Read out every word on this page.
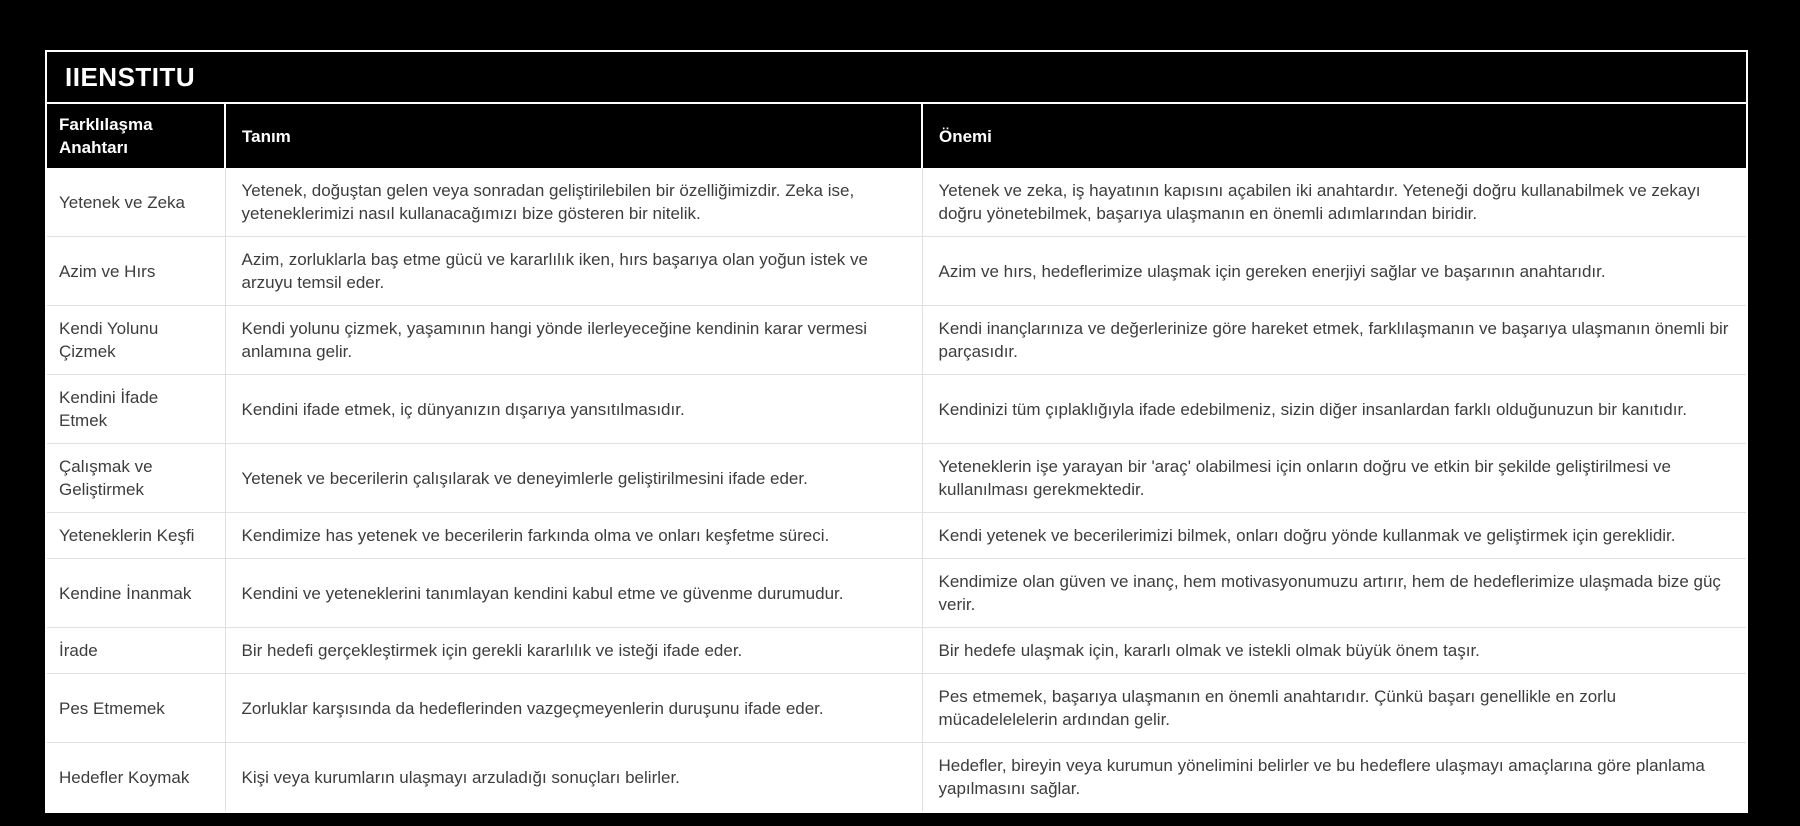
IIENSTITU
Farklılaşma Anahtarı	Tanım	Önemi
Yetenek ve Zeka	Yetenek, doğuştan gelen veya sonradan geliştirilebilen bir özelliğimizdir. Zeka ise, yeteneklerimizi nasıl kullanacağımızı bize gösteren bir nitelik.	Yetenek ve zeka, iş hayatının kapısını açabilen iki anahtardır. Yeteneği doğru kullanabilmek ve zekayı doğru yönetebilmek, başarıya ulaşmanın en önemli adımlarından biridir.
Azim ve Hırs	Azim, zorluklarla baş etme gücü ve kararlılık iken, hırs başarıya olan yoğun istek ve arzuyu temsil eder.	Azim ve hırs, hedeflerimize ulaşmak için gereken enerjiyi sağlar ve başarının anahtarıdır.
Kendi Yolunu Çizmek	Kendi yolunu çizmek, yaşamının hangi yönde ilerleyeceğine kendinin karar vermesi anlamına gelir.	Kendi inançlarınıza ve değerlerinize göre hareket etmek, farklılaşmanın ve başarıya ulaşmanın önemli bir parçasıdır.
Kendini İfade Etmek	Kendini ifade etmek, iç dünyanızın dışarıya yansıtılmasıdır.	Kendinizi tüm çıplaklığıyla ifade edebilmeniz, sizin diğer insanlardan farklı olduğunuzun bir kanıtıdır.
Çalışmak ve Geliştirmek	Yetenek ve becerilerin çalışılarak ve deneyimlerle geliştirilmesini ifade eder.	Yeteneklerin işe yarayan bir 'araç' olabilmesi için onların doğru ve etkin bir şekilde geliştirilmesi ve kullanılması gerekmektedir.
Yeteneklerin Keşfi	Kendimize has yetenek ve becerilerin farkında olma ve onları keşfetme süreci.	Kendi yetenek ve becerilerimizi bilmek, onları doğru yönde kullanmak ve geliştirmek için gereklidir.
Kendine İnanmak	Kendini ve yeteneklerini tanımlayan kendini kabul etme ve güvenme durumudur.	Kendimize olan güven ve inanç, hem motivasyonumuzu artırır, hem de hedeflerimize ulaşmada bize güç verir.
İrade	Bir hedefi gerçekleştirmek için gerekli kararlılık ve isteği ifade eder.	Bir hedefe ulaşmak için, kararlı olmak ve istekli olmak büyük önem taşır.
Pes Etmemek	Zorluklar karşısında da hedeflerinden vazgeçmeyenlerin duruşunu ifade eder.	Pes etmemek, başarıya ulaşmanın en önemli anahtarıdır. Çünkü başarı genellikle en zorlu mücadelelelerin ardından gelir.
Hedefler Koymak	Kişi veya kurumların ulaşmayı arzuladığı sonuçları belirler.	Hedefler, bireyin veya kurumun yönelimini belirler ve bu hedeflere ulaşmayı amaçlarına göre planlama yapılmasını sağlar.
